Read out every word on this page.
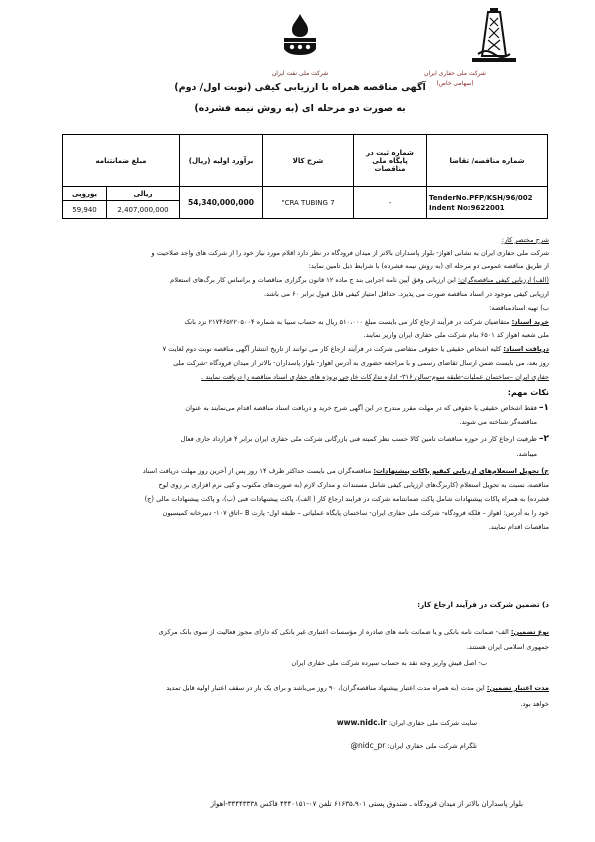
شرکت ملی نفت ایران	شرکت ملی حفاری ایران
(سهامی خاص)
آگهی مناقصه همراه با ارزیابی کیفی (نوبت اول/ دوم)
به صورت دو مرحله ای (به روش نیمه فشرده)
شماره مناقصه/ تقاضا	شماره ثبت در پایگاه ملی مناقصات	شرح کالا	برآورد اولیه (ریال)	مبلغ ضمانتنامه	

TenderNo.PFP/KSH/96/002
Indent No:9622001	-	CRA TUBING 7"	54,340,000,000	ریالی	یورویی
				2,407,000,000	59,940
شرح مختصر کار:
شرکت ملی حفاری ایران به نشانی اهواز- بلوار پاسداران بالاتر از میدان فرودگاه در نظر دارد اقلام مورد نیاز خود را از شرکت های واجد صلاحیت و
از طریق مناقصه عمومی دو مرحله ای (به روش نیمه فشرده) با شرایط ذیل تامین نماید:
(الف) ارزیابی کیفی مناقصه‌گران: این ارزیابی وفق آیین نامه اجرایی بند ج ماده ۱۲ قانون برگزاری مناقصات و براساس کار برگ‌های استعلام
ارزیابی کیفی موجود در اسناد مناقصه صورت می پذیرد. حداقل امتیاز کیفی قابل قبول برابر ۶۰ می باشد.
ب) تهیه اسنادمناقصه:
خرید اسناد: متقاضیان شرکت در فرآیند ارجاع کار می بایست مبلغ ۵۱۰،۰۰۰ ریال به حساب سیبا به شماره ۲۱۷۴۶۵۲۲۰۵۰۰۴ نزد بانک
ملی شعبه اهواز کد ۶۵۰۱ بنام شرکت ملی حفاری ایران واریز نمایند.
دریافت اسناد: کلیه اشخاص حقیقی یا حقوقی متقاضی شرکت در فرآیند ارجاع کار می توانند از تاریخ انتشار آگهی مناقصه نوبت دوم لغایت ۷
روز بعد، می بایست ضمن ارسال تقاضای رسمی و با مراجعه حضوری به آدرس اهواز- بلوار پاسداران- بالاتر از میدان فرودگاه -شرکت ملی
حفاری ایران –ساختمان عملیات-طبقه سوم-سالن ۳۱۶- اداره تدارکات خارجی پروژه های حفاری اسناد مناقصه را دریافت نمایند .
نکات مهم:
۱– فقط اشخاص حقیقی یا حقوقی که در مهلت مقرر مندرج در این آگهی شرح خرید و دریافت اسناد مناقصه اقدام می‌نمایند به عنوان
مناقصه‌گر شناخته می شوند.
۲– ظرفیت ارجاع کار در حوزه مناقصات تامین کالا حسب نظر کمیته فنی بازرگانی شرکت ملی حفاری ایران برابر ۴ قرارداد جاری فعال
میباشد.
ج) تحویل استعلام‌های ارزیابی کیفیو پاکات پیشنهادات: مناقصه‌گران می بایست حداکثر ظرف ۱۴ روز پس از آخرین روز مهلت دریافت اسناد
مناقصه، نسبت به تحویل استعلام (کاربرگ‌های ارزیابی کیفی شامل مستندات و مدارک لازم (به صورت‌های مکتوب و کپی نرم افزاری بر روی لوح
فشرده) به همراه پاکات پیشنهادات شامل پاکت ضمانتنامه شرکت در فرایند ارجاع کار ( الف)، پاکت پیشنهادات فنی (ب)، و پاکت پیشنهادات مالی (ج)
خود را به آدرس: اهواز – فلکه فرودگاه- شرکت ملی حفاری ایران- ساختمان پایگاه عملیاتی – طبقه اول- پارت B –اتاق ۱۰۷- دبیرخانه کمیسیون
مناقصات اقدام نمایند.
د) تضمین شرکت در فرآیند ارجاع کار:
نوع تضمین: الف- ضمانت نامه بانکی و یا ضمانت نامه های صادره از مؤسسات اعتباری غیر بانکی که دارای مجوز فعالیت از سوی بانک مرکزی
جمهوری اسلامی ایران هستند.
ب- اصل فیش واریز وجه نقد به حساب سپرده شرکت ملی حفاری ایران
مدت اعتبار تضمین: این مدت (به همراه مدت اعتبار پیشنهاد مناقصه‌گران)، ۹۰ روز می‌باشد و برای یک بار در سقف اعتبار اولیه قابل تمدید
خواهد بود.
سایت شرکت ملی حفاری ایران: www.nidc.ir
تلگرام شرکت ملی حفاری ایران: @nidc_pr
بلوار پاسداران بالاتر از میدان فرودگاه ـ صندوق پستی ۶۱۶۳۵،۹۰۱ تلفن ۰۷-۴۴۴۰۱۵۱ فاکس ۳۴۴۴۳۳۳۸-اهواز
